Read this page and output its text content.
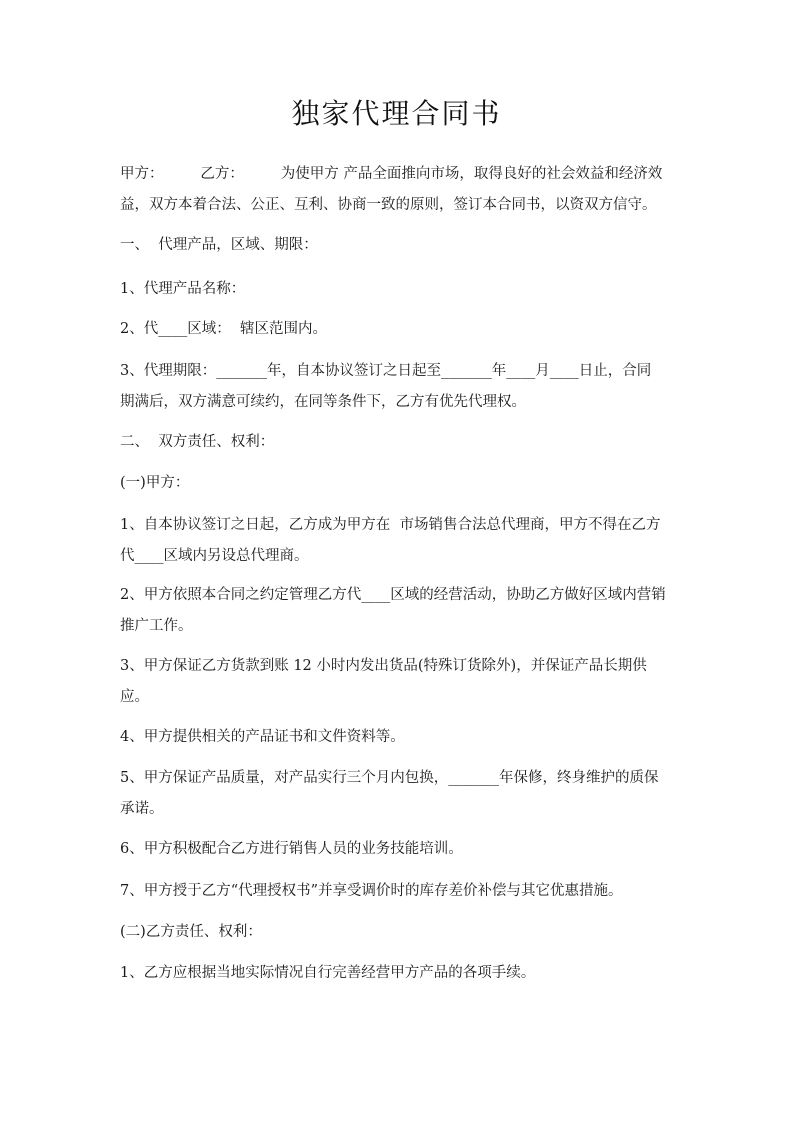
独家代理合同书
甲方：        乙方：        为使甲方 产品全面推向市场，取得良好的社会效益和经济效
益，双方本着合法、公正、互利、协商一致的原则，签订本合同书，以资双方信守。
一、  代理产品，区域、期限：
1、代理产品名称：
2、代____区域：  辖区范围内。
3、代理期限：_______年，自本协议签订之日起至_______年____月____日止，合同
期满后，双方满意可续约，在同等条件下，乙方有优先代理权。
二、  双方责任、权利：
(一)甲方：
1、自本协议签订之日起，乙方成为甲方在  市场销售合法总代理商，甲方不得在乙方
代____区域内另设总代理商。
2、甲方依照本合同之约定管理乙方代____区域的经营活动，协助乙方做好区域内营销
推广工作。
3、甲方保证乙方货款到账 12 小时内发出货品(特殊订货除外)，并保证产品长期供
应。
4、甲方提供相关的产品证书和文件资料等。
5、甲方保证产品质量，对产品实行三个月内包换，_______年保修，终身维护的质保
承诺。
6、甲方积极配合乙方进行销售人员的业务技能培训。
7、甲方授于乙方“代理授权书”并享受调价时的库存差价补偿与其它优惠措施。
(二)乙方责任、权利：
1、乙方应根据当地实际情况自行完善经营甲方产品的各项手续。
